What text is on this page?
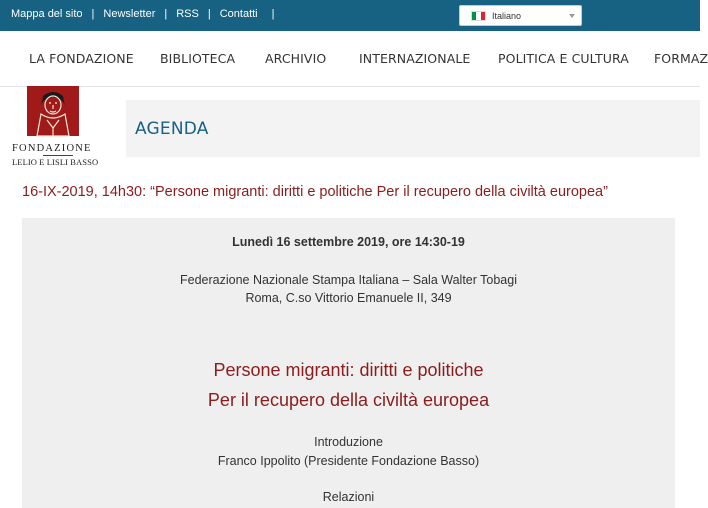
Mappa del sito | Newsletter | RSS | Contatti |	Italiano
LA FONDAZIONE BIBLIOTECA ARCHIVIO	INTERNAZIONALE POLITICA E CULTURA FORMAZ
FONDAZIONE
LELIO E LISLI BASSO
AGENDA
16-IX-2019, 14h30: “Persone migranti: diritti e politiche Per il recupero della civiltà europea”
Lunedì 16 settembre 2019, ore 14:30-19
Federazione Nazionale Stampa Italiana – Sala Walter Tobagi
Roma, C.so Vittorio Emanuele II, 349
Persone migranti: diritti e politiche
Per il recupero della civiltà europea
Introduzione
Franco Ippolito (Presidente Fondazione Basso)
Relazioni
